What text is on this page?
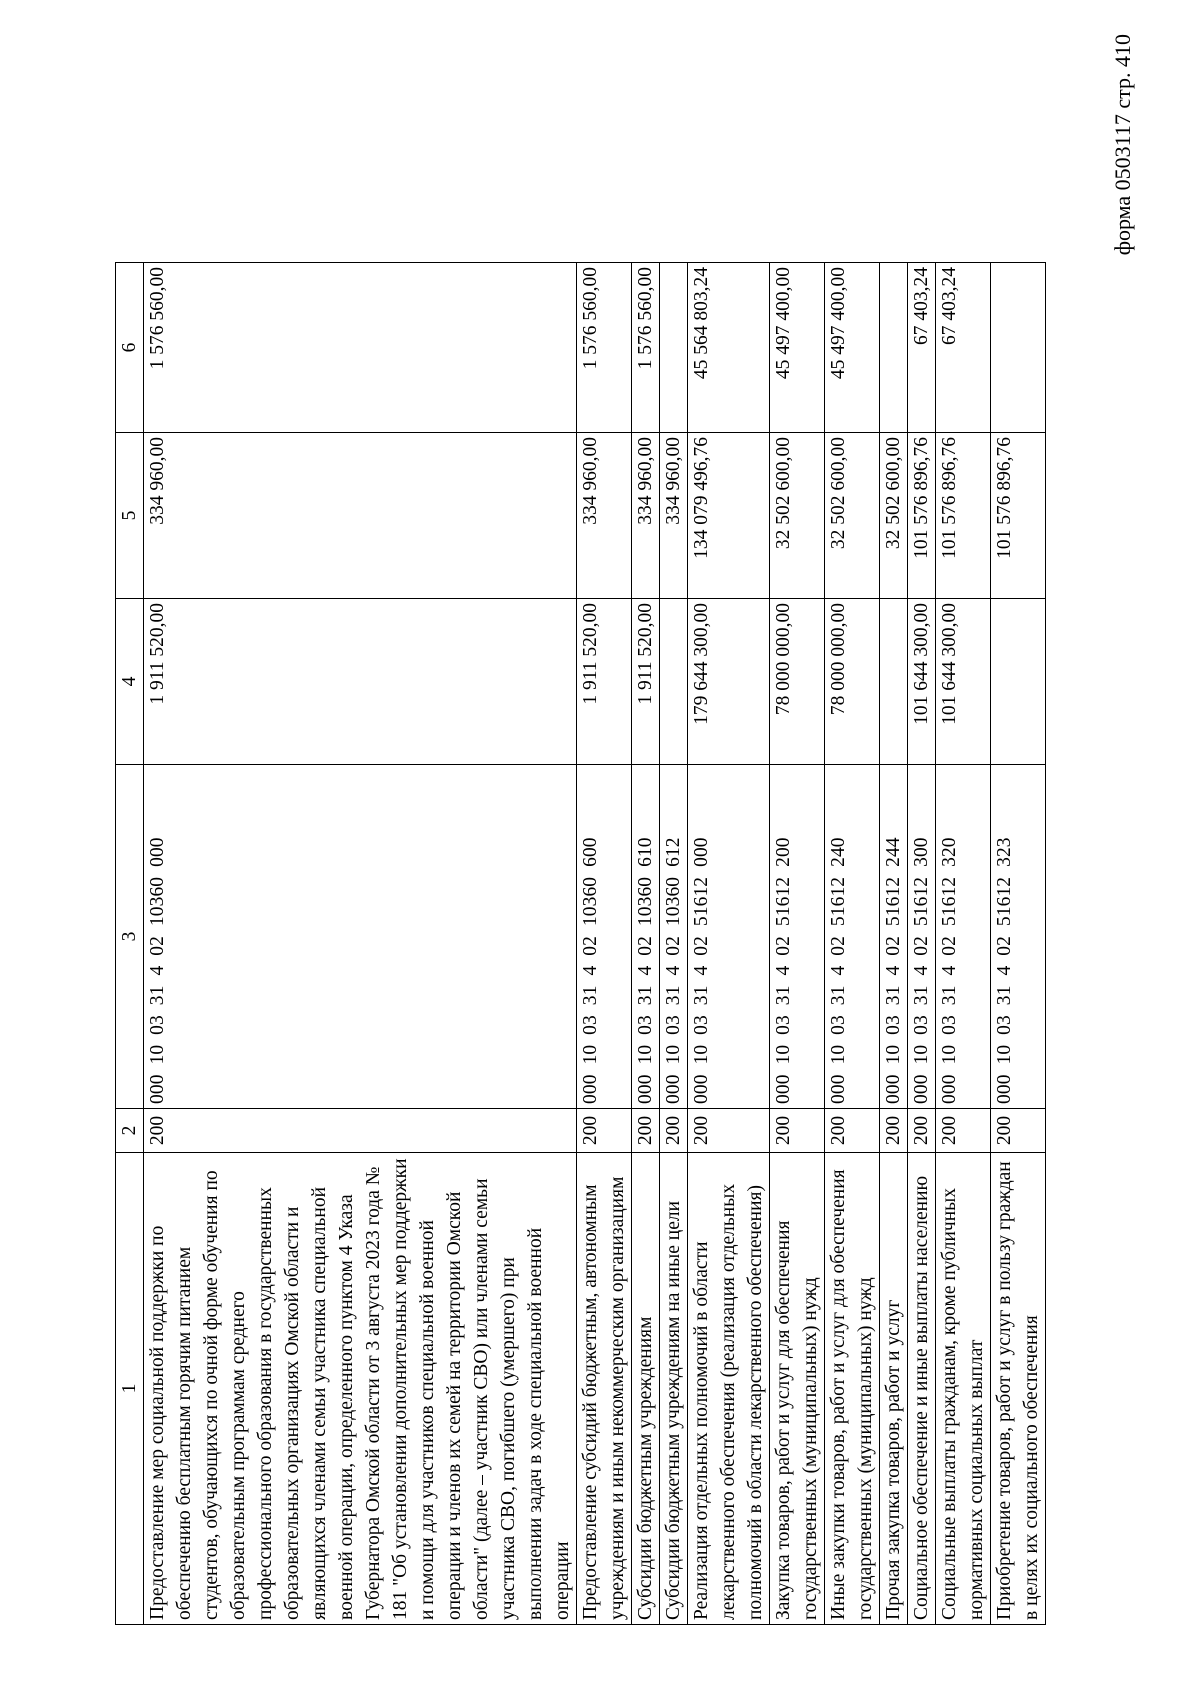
форма 0503117 стр. 410
1	2	3	4	5	6
Предоставление мер социальной поддержки по обеспечению бесплатным горячим питанием студентов, обучающихся по очной форме обучения по образовательным программам среднего профессионального образования в государственных образовательных организациях Омской области и являющихся членами семьи участника специальной военной операции, определенного пунктом 4 Указа Губернатора Омской области от 3 августа 2023 года № 181 "Об установлении дополнительных мер поддержки и помощи для участников специальной военной операции и членов их семей на территории Омской области" (далее – участник СВО) или членами семьи участника СВО, погибшего (умершего) при выполнении задач в ходе специальной военной операции	200	000  10  03  31  4  02  10360  000	1 911 520,00	334 960,00	1 576 560,00
Предоставление субсидий бюджетным, автономным учреждениям и иным некоммерческим организациям	200	000  10  03  31  4  02  10360  600	1 911 520,00	334 960,00	1 576 560,00
Субсидии бюджетным учреждениям	200	000  10  03  31  4  02  10360  610	1 911 520,00	334 960,00	1 576 560,00
Субсидии бюджетным учреждениям на иные цели	200	000  10  03  31  4  02  10360  612		334 960,00	
Реализация отдельных полномочий в области лекарственного обеспечения (реализация отдельных полномочий в области лекарственного обеспечения)	200	000  10  03  31  4  02  51612  000	179 644 300,00	134 079 496,76	45 564 803,24
Закупка товаров, работ и услуг для обеспечения государственных (муниципальных) нужд	200	000  10  03  31  4  02  51612  200	78 000 000,00	32 502 600,00	45 497 400,00
Иные закупки товаров, работ и услуг для обеспечения государственных (муниципальных) нужд	200	000  10  03  31  4  02  51612  240	78 000 000,00	32 502 600,00	45 497 400,00
Прочая закупка товаров, работ и услуг	200	000  10  03  31  4  02  51612  244		32 502 600,00	
Социальное обеспечение и иные выплаты населению	200	000  10  03  31  4  02  51612  300	101 644 300,00	101 576 896,76	67 403,24
Социальные выплаты гражданам, кроме публичных нормативных социальных выплат	200	000  10  03  31  4  02  51612  320	101 644 300,00	101 576 896,76	67 403,24
Приобретение товаров, работ и услуг в пользу граждан в целях их социального обеспечения	200	000  10  03  31  4  02  51612  323		101 576 896,76	
